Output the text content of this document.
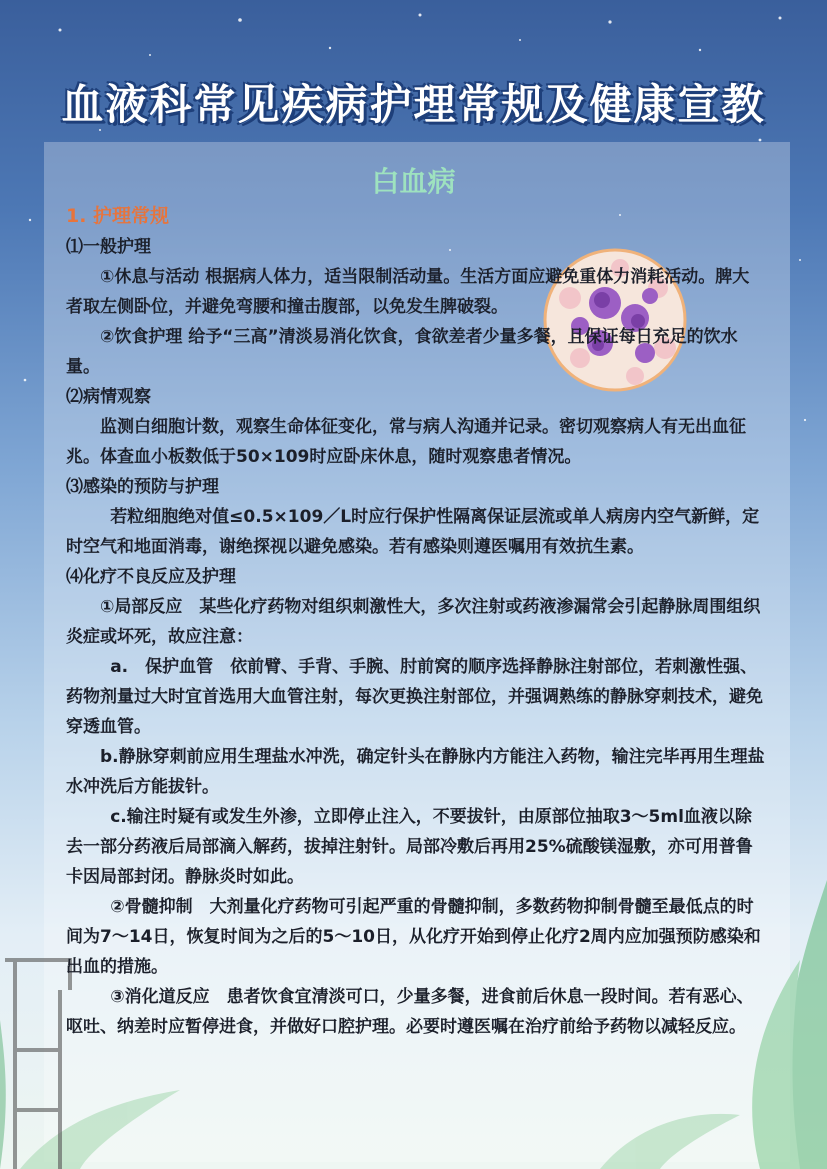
血液科常见疾病护理常规及健康宣教
白血病

1. 护理常规

⑴一般护理

①休息与活动 根据病人体力，适当限制活动量。生活方面应避免重体力消耗活动。脾大者取左侧卧位，并避免弯腰和撞击腹部，以免发生脾破裂。

②饮食护理 给予“三高”清淡易消化饮食，食欲差者少量多餐，且保证每日充足的饮水量。

⑵病情观察

监测白细胞计数，观察生命体征变化，常与病人沟通并记录。密切观察病人有无出血征兆。体查血小板数低于50×109时应卧床休息，随时观察患者情况。

⑶感染的预防与护理

若粒细胞绝对值≤0.5×109／L时应行保护性隔离保证层流或单人病房内空气新鲜，定时空气和地面消毒，谢绝探视以避免感染。若有感染则遵医嘱用有效抗生素。

⑷化疗不良反应及护理

①局部反应　某些化疗药物对组织刺激性大，多次注射或药液渗漏常会引起静脉周围组织炎症或坏死，故应注意：

a.　保护血管　依前臂、手背、手腕、肘前窝的顺序选择静脉注射部位，若刺激性强、药物剂量过大时宜首选用大血管注射，每次更换注射部位，并强调熟练的静脉穿刺技术，避免穿透血管。

b.静脉穿刺前应用生理盐水冲洗，确定针头在静脉内方能注入药物，输注完毕再用生理盐水冲洗后方能拔针。

c.输注时疑有或发生外渗，立即停止注入，不要拔针，由原部位抽取3～5ml血液以除去一部分药液后局部滴入解药，拔掉注射针。局部冷敷后再用25%硫酸镁湿敷，亦可用普鲁卡因局部封闭。静脉炎时如此。

②骨髓抑制　大剂量化疗药物可引起严重的骨髓抑制，多数药物抑制骨髓至最低点的时间为7～14日，恢复时间为之后的5～10日，从化疗开始到停止化疗2周内应加强预防感染和出血的措施。

③消化道反应　患者饮食宜清淡可口，少量多餐，进食前后休息一段时间。若有恶心、呕吐、纳差时应暂停进食，并做好口腔护理。必要时遵医嘱在治疗前给予药物以减轻反应。
